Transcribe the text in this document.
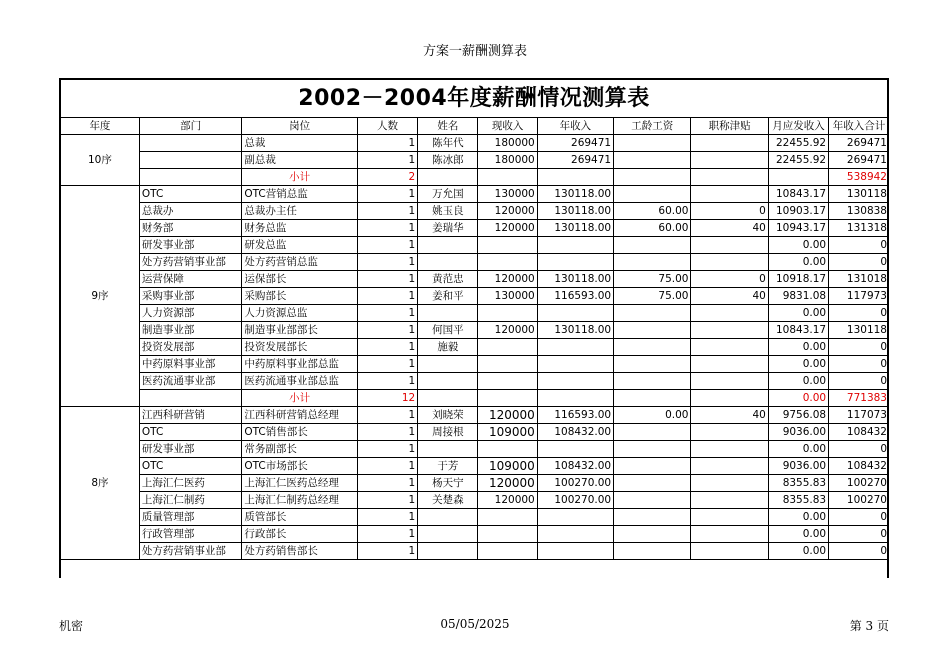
方案一薪酬测算表
2002－2004年度薪酬情况测算表
年度	部门	岗位	人数	姓名	现收入	年收入	工龄工资	职称津贴	月应发收入	年收入合计
10序		总裁	1	陈年代	180000	269471			22455.92	269471
		副总裁	1	陈冰郎	180000	269471			22455.92	269471
		小计	2							538942
9序	OTC	OTC营销总监	1	万允国	130000	130118.00			10843.17	130118
	总裁办	总裁办主任	1	姚玉良	120000	130118.00	60.00	0	10903.17	130838
	财务部	财务总监	1	姜瑞华	120000	130118.00	60.00	40	10943.17	131318
	研发事业部	研发总监	1						0.00	0
	处方药营销事业部	处方药营销总监	1						0.00	0
	运营保障	运保部长	1	黄范忠	120000	130118.00	75.00	0	10918.17	131018
	采购事业部	采购部长	1	姜和平	130000	116593.00	75.00	40	9831.08	117973
	人力资源部	人力资源总监	1						0.00	0
	制造事业部	制造事业部部长	1	何国平	120000	130118.00			10843.17	130118
	投资发展部	投资发展部长	1	施毅					0.00	0
	中药原料事业部	中药原料事业部总监	1						0.00	0
	医药流通事业部	医药流通事业部总监	1						0.00	0
		小计	12						0.00	771383
8序	江西科研营销	江西科研营销总经理	1	刘晓荣	120000	116593.00	0.00	40	9756.08	117073
	OTC	OTC销售部长	1	周接根	109000	108432.00			9036.00	108432
	研发事业部	常务副部长	1						0.00	0
	OTC	OTC市场部长	1	于芳	109000	108432.00			9036.00	108432
	上海汇仁医药	上海汇仁医药总经理	1	杨天宁	120000	100270.00			8355.83	100270
	上海汇仁制药	上海汇仁制药总经理	1	关楚森	120000	100270.00			8355.83	100270
	质量管理部	质管部长	1						0.00	0
	行政管理部	行政部长	1						0.00	0
	处方药营销事业部	处方药销售部长	1						0.00	0
机密	05/05/2025	第 3 页
